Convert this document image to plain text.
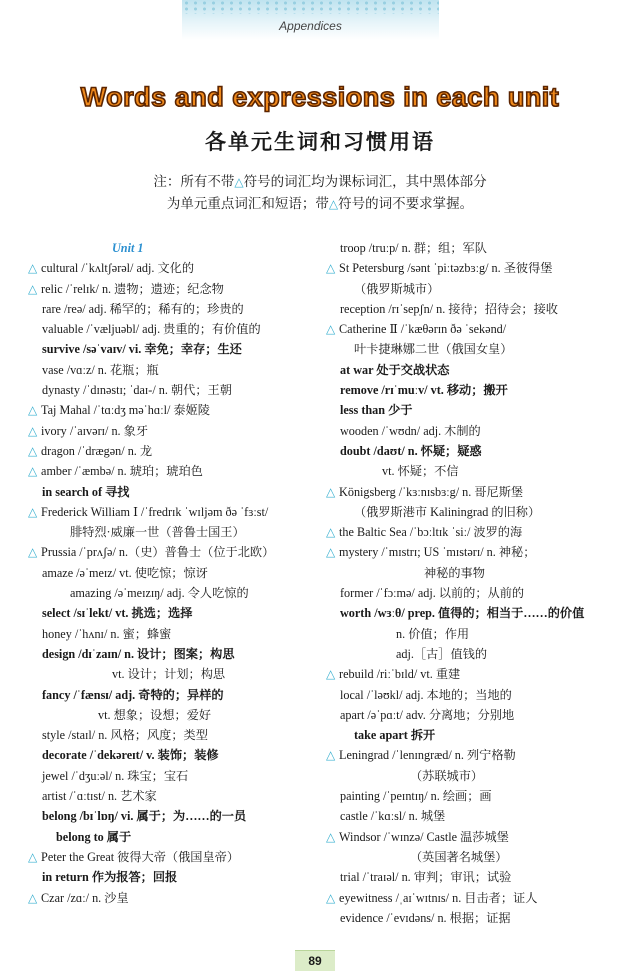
Appendices
Words and expressions in each unit
各单元生词和习惯用语
注：所有不带△符号的词汇均为课标词汇，其中黑体部分
为单元重点词汇和短语；带△符号的词不要求掌握。
Unit 1
△ cultural /ˈkʌltʃərəl/ adj. 文化的
△ relic /ˈrelɪk/ n. 遗物；遗迹；纪念物
rare /reə/ adj. 稀罕的；稀有的；珍贵的
valuable /ˈvæljuəbl/ adj. 贵重的；有价值的
survive /səˈvaɪv/ vi. 幸免；幸存；生还
vase /vɑːz/ n. 花瓶；瓶
dynasty /ˈdɪnəstɪ; ˈdaɪ-/ n. 朝代；王朝
△ Taj Mahal /ˈtɑːdʒ məˈhɑːl/ 泰姬陵
△ ivory /ˈaɪvərɪ/ n. 象牙
△ dragon /ˈdrægən/ n. 龙
△ amber /ˈæmbə/ n. 琥珀；琥珀色
in search of 寻找
△ Frederick William Ⅰ /ˈfredrɪk ˈwɪljəm ðə ˈfɜːst/
腓特烈·威廉一世（普鲁士国王）
△ Prussia /ˈprʌʃə/ n.（史）普鲁士（位于北欧）
amaze /əˈmeɪz/ vt. 使吃惊；惊讶
amazing /əˈmeɪzɪŋ/ adj. 令人吃惊的
select /sɪˈlekt/ vt. 挑选；选择
honey /ˈhʌnɪ/ n. 蜜；蜂蜜
design /dɪˈzaɪn/ n. 设计；图案；构思
vt. 设计；计划；构思
fancy /ˈfænsɪ/ adj. 奇特的；异样的
vt. 想象；设想；爱好
style /staɪl/ n. 风格；风度；类型
decorate /ˈdekəreɪt/ v. 装饰；装修
jewel /ˈdʒuːəl/ n. 珠宝；宝石
artist /ˈɑːtɪst/ n. 艺术家
belong /bɪˈlɒŋ/ vi. 属于；为……的一员
belong to 属于
△ Peter the Great 彼得大帝（俄国皇帝）
in return 作为报答；回报
△ Czar /zɑː/ n. 沙皇
troop /truːp/ n. 群；组；军队
△ St Petersburg /sənt ˈpiːtəzbɜːg/ n. 圣彼得堡
（俄罗斯城市）
reception /rɪˈsepʃn/ n. 接待；招待会；接收
△ Catherine Ⅱ /ˈkæθərɪn ðə ˈsekənd/
叶卡捷琳娜二世（俄国女皇）
at war 处于交战状态
remove /rɪˈmuːv/ vt. 移动；搬开
less than 少于
wooden /ˈwʊdn/ adj. 木制的
doubt /daʊt/ n. 怀疑；疑惑
vt. 怀疑；不信
△ Königsberg /ˈkɜːnɪsbɜːg/ n. 哥尼斯堡
（俄罗斯港市 Kaliningrad 的旧称）
△ the Baltic Sea /ˈbɔːltɪk ˈsiː/ 波罗的海
△ mystery /ˈmɪstrɪ; US ˈmɪstərɪ/ n. 神秘；
神秘的事物
former /ˈfɔːmə/ adj. 以前的；从前的
worth /wɜːθ/ prep. 值得的；相当于……的价值
n. 价值；作用
adj.［古］值钱的
△ rebuild /riːˈbɪld/ vt. 重建
local /ˈləʊkl/ adj. 本地的；当地的
apart /əˈpɑːt/ adv. 分离地；分别地
take apart 拆开
△ Leningrad /ˈlenɪngræd/ n. 列宁格勒
（苏联城市）
painting /ˈpeɪntɪŋ/ n. 绘画；画
castle /ˈkɑːsl/ n. 城堡
△ Windsor /ˈwɪnzə/ Castle 温莎城堡
（英国著名城堡）
trial /ˈtraɪəl/ n. 审判；审讯；试验
△ eyewitness /ˌaɪˈwɪtnɪs/ n. 目击者；证人
evidence /ˈevɪdəns/ n. 根据；证据
89
